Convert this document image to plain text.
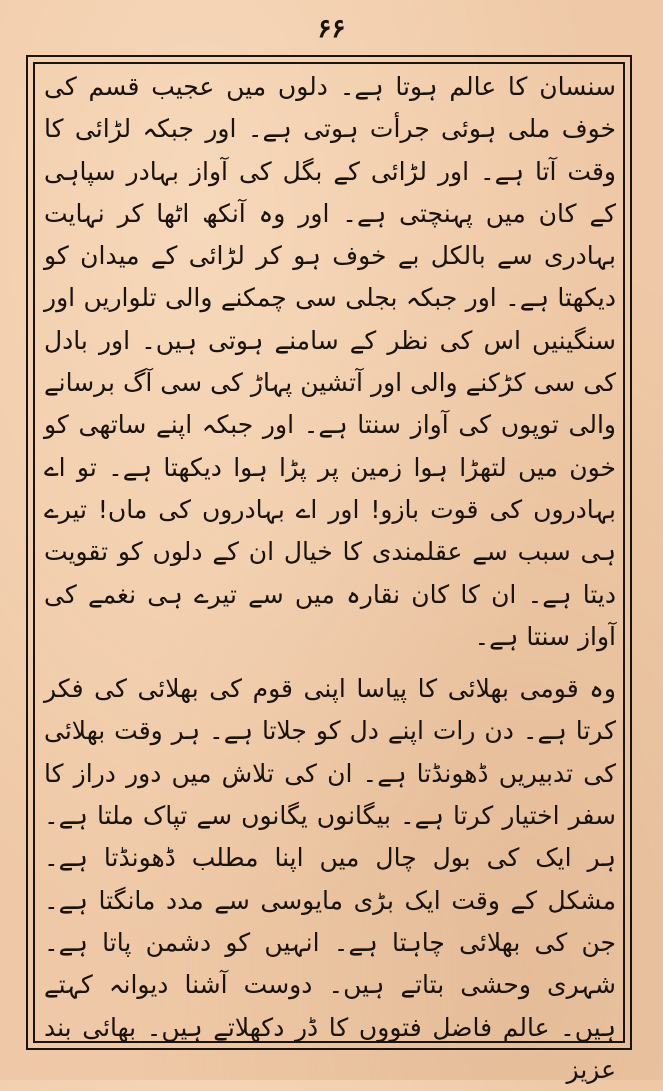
۶۶

سنسان کا عالم ہوتا ہے۔ دلوں میں عجیب قسم کی خوف ملی ہوئی جرأت ہوتی ہے۔ اور جبکہ لڑائی کا وقت آتا ہے۔ اور لڑائی کے بگل کی آواز بہادر سپاہی کے کان میں پہنچتی ہے۔ اور وہ آنکھ اٹھا کر نہایت بہادری سے بالکل بے خوف ہو کر لڑائی کے میدان کو دیکھتا ہے۔ اور جبکہ بجلی سی چمکنے والی تلواریں اور سنگینیں اس کی نظر کے سامنے ہوتی ہیں۔ اور بادل کی سی کڑکنے والی اور آتشین پہاڑ کی سی آگ برسانے والی توپوں کی آواز سنتا ہے۔ اور جبکہ اپنے ساتھی کو خون میں لتھڑا ہوا زمین پر پڑا ہوا دیکھتا ہے۔ تو اے بہادروں کی قوت بازو! اور اے بہادروں کی ماں! تیرے ہی سبب سے عقلمندی کا خیال ان کے دلوں کو تقویت دیتا ہے۔ ان کا کان نقارہ میں سے تیرے ہی نغمے کی آواز سنتا ہے۔

وہ قومی بھلائی کا پیاسا اپنی قوم کی بھلائی کی فکر کرتا ہے۔ دن رات اپنے دل کو جلاتا ہے۔ ہر وقت بھلائی کی تدبیریں ڈھونڈتا ہے۔ ان کی تلاش میں دور دراز کا سفر اختیار کرتا ہے۔ بیگانوں یگانوں سے تپاک ملتا ہے۔ ہر ایک کی بول چال میں اپنا مطلب ڈھونڈتا ہے۔ مشکل کے وقت ایک بڑی مایوسی سے مدد مانگتا ہے۔ جن کی بھلائی چاہتا ہے۔ انہیں کو دشمن پاتا ہے۔ شہری وحشی بتاتے ہیں۔ دوست آشنا دیوانہ کہتے ہیں۔ عالم فاضل فتووں کا ڈر دکھلاتے ہیں۔ بھائی بند عزیز
